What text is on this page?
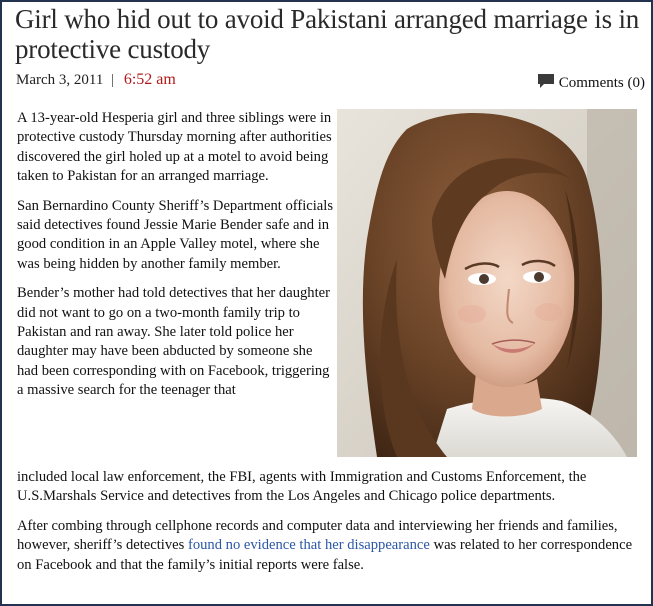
Girl who hid out to avoid Pakistani arranged marriage is in protective custody
March 3, 2011 | 6:52 am	Comments (0)

A 13-year-old Hesperia girl and three siblings were in protective custody Thursday morning after authorities discovered the girl holed up at a motel to avoid being taken to Pakistan for an arranged marriage.

San Bernardino County Sheriff’s Department officials said detectives found Jessie Marie Bender safe and in good condition in an Apple Valley motel, where she was being hidden by another family member.

Bender’s mother had told detectives that her daughter did not want to go on a two-month family trip to Pakistan and ran away. She later told police her daughter may have been abducted by someone she had been corresponding with on Facebook, triggering a massive search for the teenager that

included local law enforcement, the FBI, agents with Immigration and Customs Enforcement, the U.S.Marshals Service and detectives from the Los Angeles and Chicago police departments.

After combing through cellphone records and computer data and interviewing her friends and families, however, sheriff’s detectives found no evidence that her disappearance was related to her correspondence on Facebook and that the family’s initial reports were false.
